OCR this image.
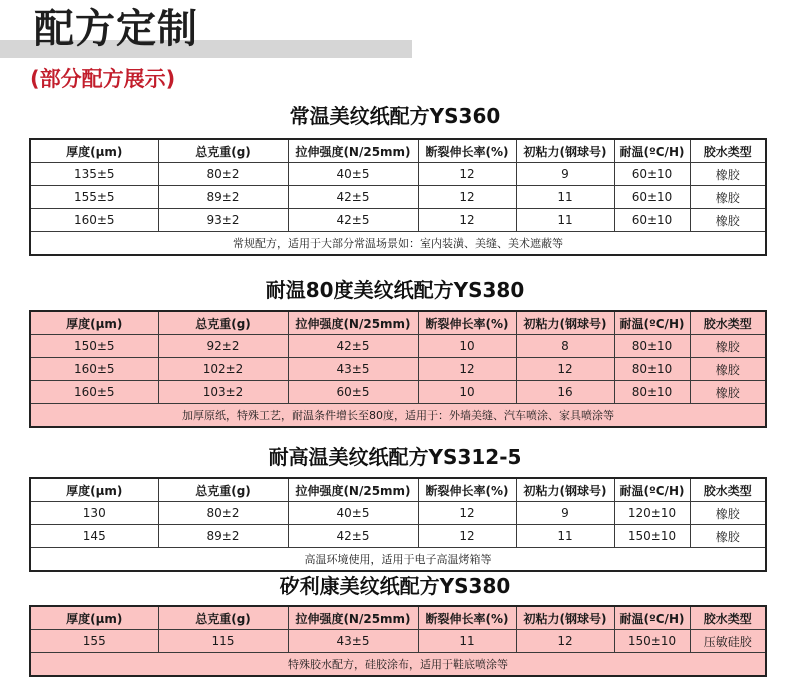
配方定制
(部分配方展示)
常温美纹纸配方YS360
厚度(μm)	总克重(g)	拉伸强度(N/25mm)	断裂伸长率(%)	初粘力(钢球号)	耐温(ºC/H)	胶水类型
135±5	80±2	40±5	12	9	60±10	橡胶
155±5	89±2	42±5	12	11	60±10	橡胶
160±5	93±2	42±5	12	11	60±10	橡胶
常规配方，适用于大部分常温场景如：室内装潢、美缝、美术遮蔽等						
耐温80度美纹纸配方YS380
厚度(μm)	总克重(g)	拉伸强度(N/25mm)	断裂伸长率(%)	初粘力(钢球号)	耐温(ºC/H)	胶水类型
150±5	92±2	42±5	10	8	80±10	橡胶
160±5	102±2	43±5	12	12	80±10	橡胶
160±5	103±2	60±5	10	16	80±10	橡胶
加厚原纸，特殊工艺，耐温条件增长至80度，适用于：外墙美缝、汽车喷涂、家具喷涂等						
耐高温美纹纸配方YS312-5
厚度(μm)	总克重(g)	拉伸强度(N/25mm)	断裂伸长率(%)	初粘力(钢球号)	耐温(ºC/H)	胶水类型
130	80±2	40±5	12	9	120±10	橡胶
145	89±2	42±5	12	11	150±10	橡胶
高温环境使用，适用于电子高温烤箱等						
矽利康美纹纸配方YS380
厚度(μm)	总克重(g)	拉伸强度(N/25mm)	断裂伸长率(%)	初粘力(钢球号)	耐温(ºC/H)	胶水类型
155	115	43±5	11	12	150±10	压敏硅胶
特殊胶水配方，硅胶涂布，适用于鞋底喷涂等						
